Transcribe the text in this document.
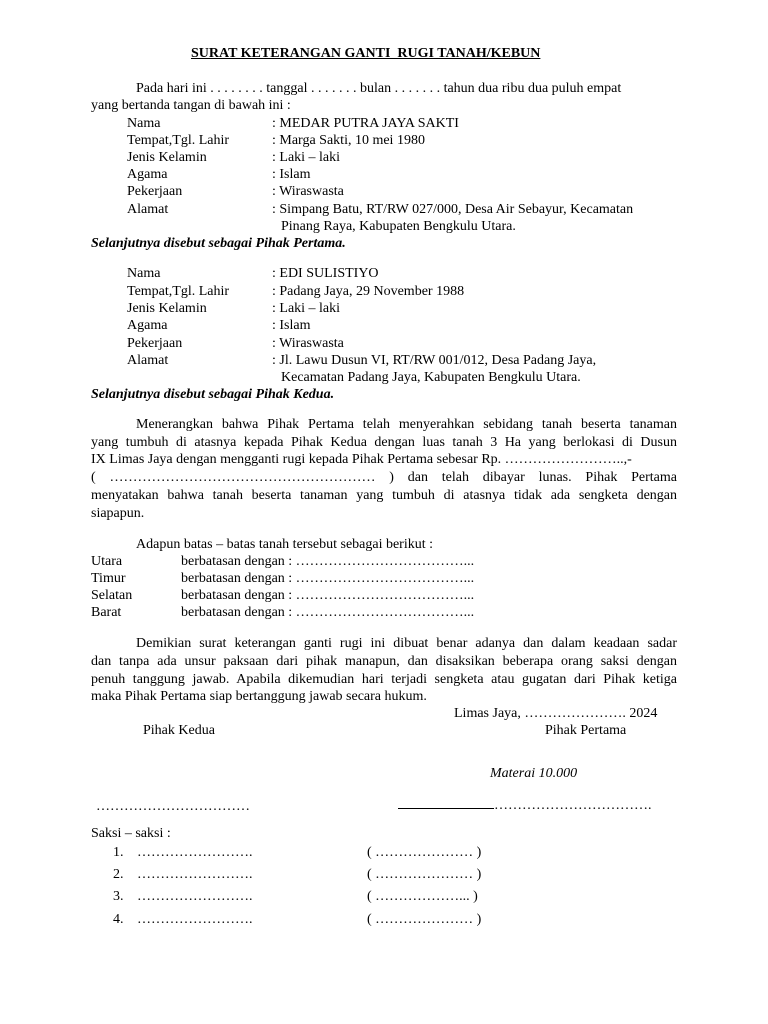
SURAT KETERANGAN GANTI  RUGI TANAH/KEBUN
Pada hari ini . . . . . . . . tanggal . . . . . . . bulan . . . . . . . tahun dua ribu dua puluh empat
yang bertanda tangan di bawah ini :
Nama	: MEDAR PUTRA JAYA SAKTI
Tempat,Tgl. Lahir	: Marga Sakti, 10 mei 1980
Jenis Kelamin	: Laki – laki
Agama	: Islam
Pekerjaan	: Wiraswasta
Alamat	: Simpang Batu, RT/RW 027/000, Desa Air Sebayur, Kecamatan
Pinang Raya, Kabupaten Bengkulu Utara.
Selanjutnya disebut sebagai Pihak Pertama.
Nama	: EDI SULISTIYO
Tempat,Tgl. Lahir	: Padang Jaya, 29 November 1988
Jenis Kelamin	: Laki – laki
Agama	: Islam
Pekerjaan	: Wiraswasta
Alamat	: Jl. Lawu Dusun VI, RT/RW 001/012, Desa Padang Jaya,
Kecamatan Padang Jaya, Kabupaten Bengkulu Utara.
Selanjutnya disebut sebagai Pihak Kedua.
Menerangkan bahwa Pihak Pertama telah menyerahkan sebidang tanah beserta tanaman
yang tumbuh di atasnya kepada Pihak Kedua dengan luas tanah 3 Ha yang berlokasi di Dusun
IX Limas Jaya dengan mengganti rugi kepada Pihak Pertama sebesar Rp. ……………………..,-
( ………………………………………………… ) dan telah dibayar lunas. Pihak Pertama
menyatakan bahwa tanah beserta tanaman yang tumbuh di atasnya tidak ada sengketa dengan
siapapun.
Adapun batas – batas tanah tersebut sebagai berikut :
Utara	berbatasan dengan : ………………………………...
Timur	berbatasan dengan : ………………………………...
Selatan	berbatasan dengan : ………………………………...
Barat	berbatasan dengan : ………………………………...
Demikian surat keterangan ganti rugi ini dibuat benar adanya dan dalam keadaan sadar
dan tanpa ada unsur paksaan dari pihak manapun, dan disaksikan beberapa orang saksi dengan
penuh tanggung jawab. Apabila dikemudian hari terjadi sengketa atau gugatan dari Pihak ketiga
maka Pihak Pertama siap bertanggung jawab secara hukum.
Limas Jaya, …………………. 2024
Pihak Kedua	Pihak Pertama
Materai 10.000
……………………………	…………………………….
Saksi – saksi :
1. …………………….	( ………………… )
2. …………………….	( ………………… )
3. …………………….	( ………………... )
4. …………………….	( ………………… )
